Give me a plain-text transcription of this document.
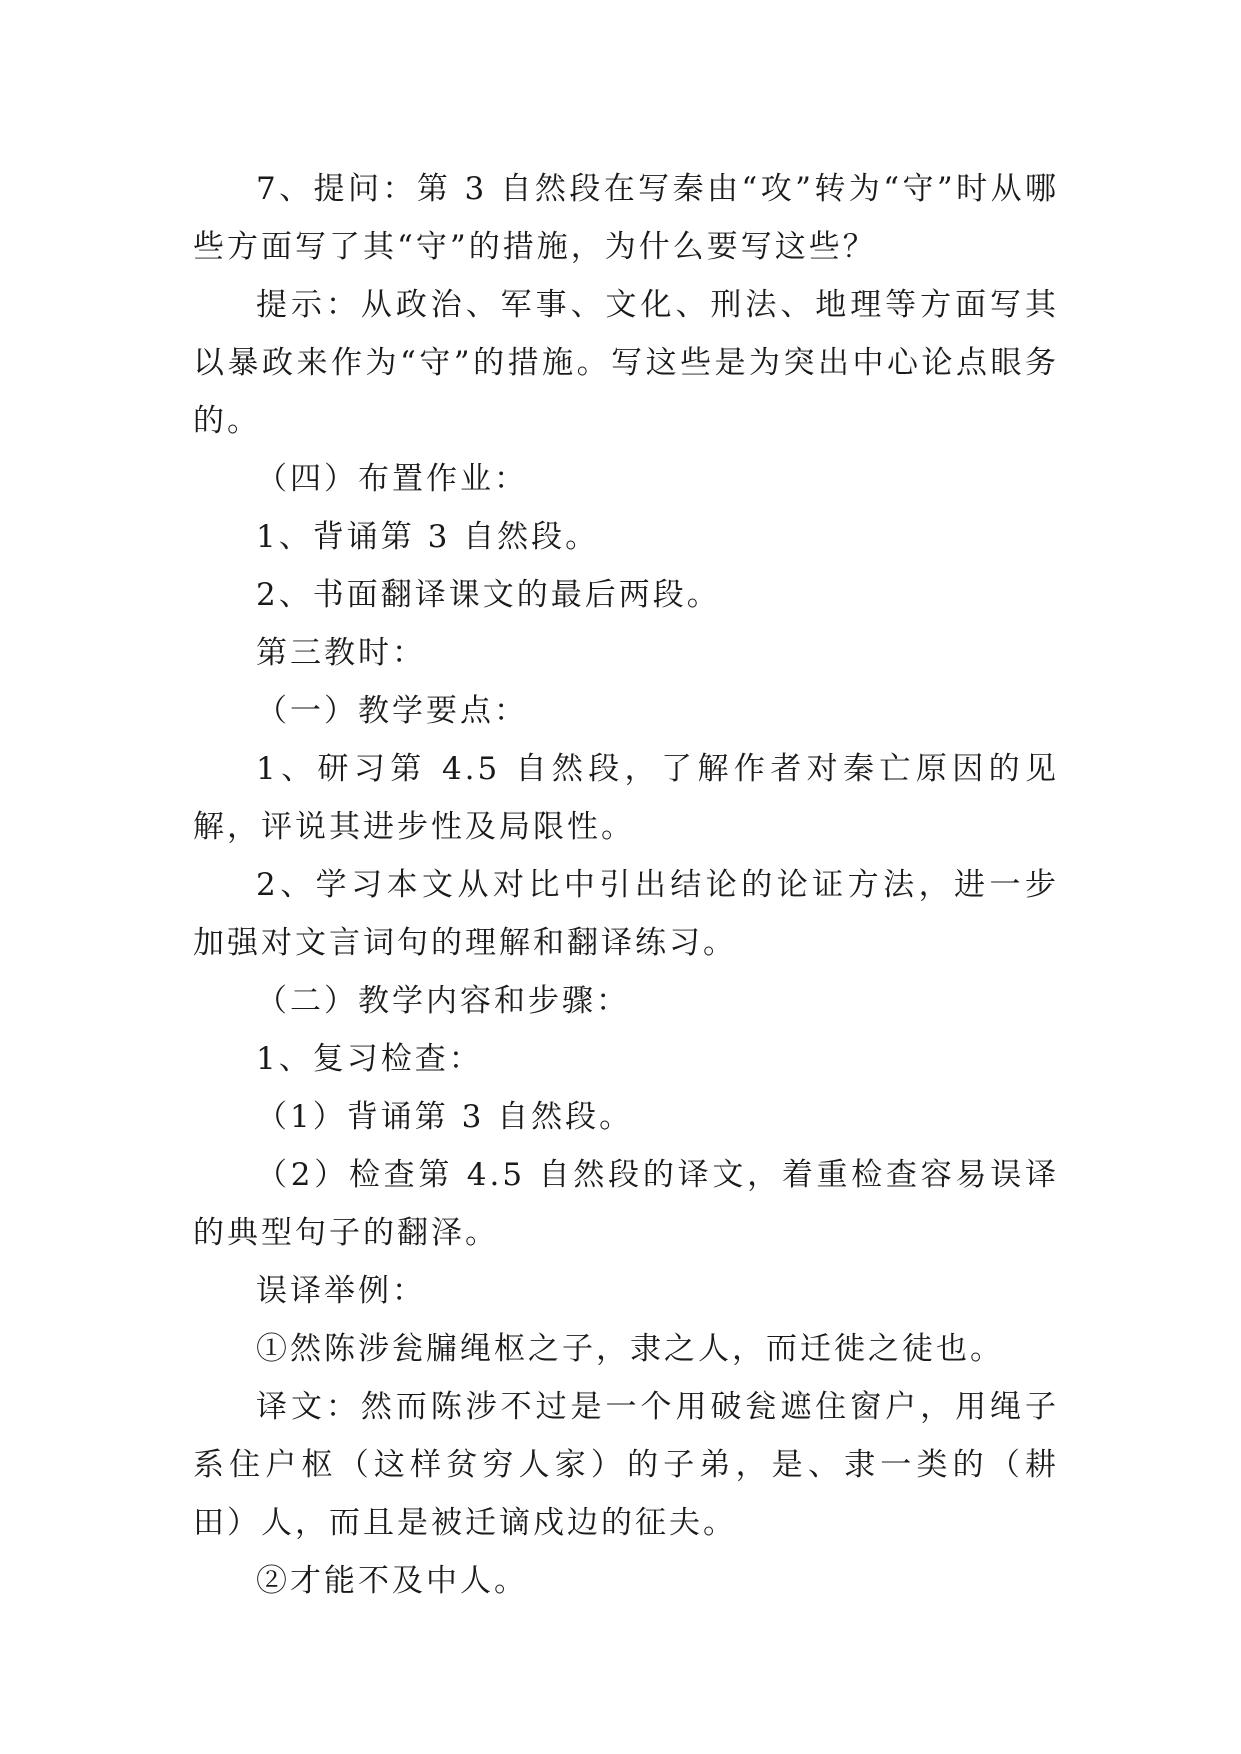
7、提问：第 3 自然段在写秦由“攻”转为“守”时从哪些方面写了其“守”的措施，为什么要写这些？

提示：从政治、军事、文化、刑法、地理等方面写其以暴政来作为“守”的措施。写这些是为突出中心论点眼务的。

（四）布置作业：

1、背诵第 3 自然段。

2、书面翻译课文的最后两段。

第三教时：

（一）教学要点：

1、研习第 4.5 自然段，了解作者对秦亡原因的见解，评说其进步性及局限性。

2、学习本文从对比中引出结论的论证方法，进一步加强对文言词句的理解和翻译练习。

（二）教学内容和步骤：

1、复习检查：

（1）背诵第 3 自然段。

（2）检查第 4.5 自然段的译文，着重检查容易误译的典型句子的翻泽。

误译举例：

①然陈涉瓮牖绳枢之子，隶之人，而迁徙之徒也。

译文：然而陈涉不过是一个用破瓮遮住窗户，用绳子系住户枢（这样贫穷人家）的子弟，是、隶一类的（耕田）人，而且是被迁谪戍边的征夫。

②才能不及中人。
